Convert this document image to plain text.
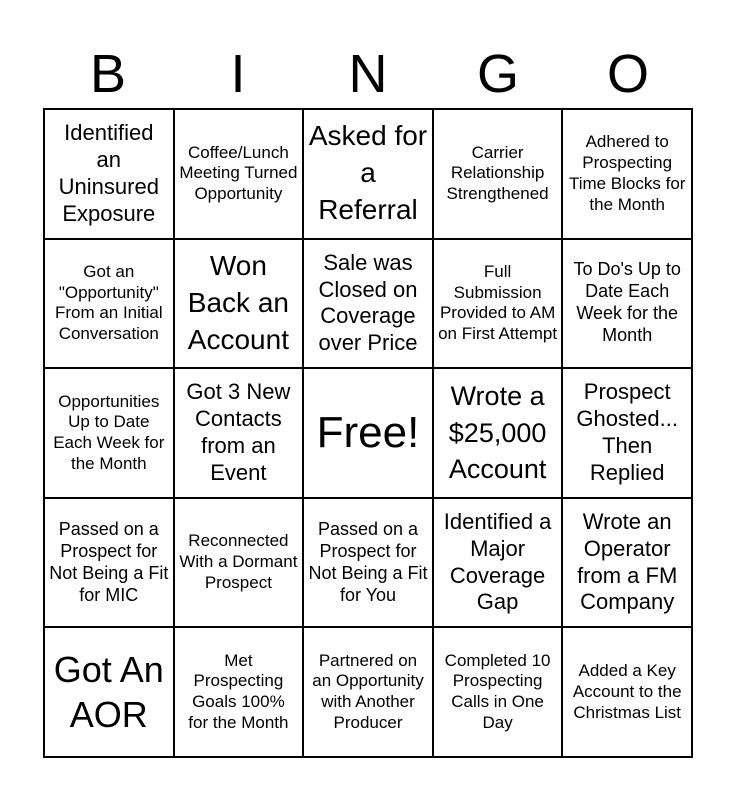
B	I	N	G	O
Identified an Uninsured Exposure
Coffee/Lunch Meeting Turned Opportunity
Asked for a Referral
Carrier Relationship Strengthened
Adhered to Prospecting Time Blocks for the Month
Got an "Opportunity" From an Initial Conversation
Won Back an Account
Sale was Closed on Coverage over Price
Full Submission Provided to AM on First Attempt
To Do's Up to Date Each Week for the Month
Opportunities Up to Date Each Week for the Month
Got 3 New Contacts from an Event
Free!
Wrote a $25,000 Account
Prospect Ghosted... Then Replied
Passed on a Prospect for Not Being a Fit for MIC
Reconnected With a Dormant Prospect
Passed on a Prospect for Not Being a Fit for You
Identified a Major Coverage Gap
Wrote an Operator from a FM Company
Got An AOR
Met Prospecting Goals 100% for the Month
Partnered on an Opportunity with Another Producer
Completed 10 Prospecting Calls in One Day
Added a Key Account to the Christmas List
